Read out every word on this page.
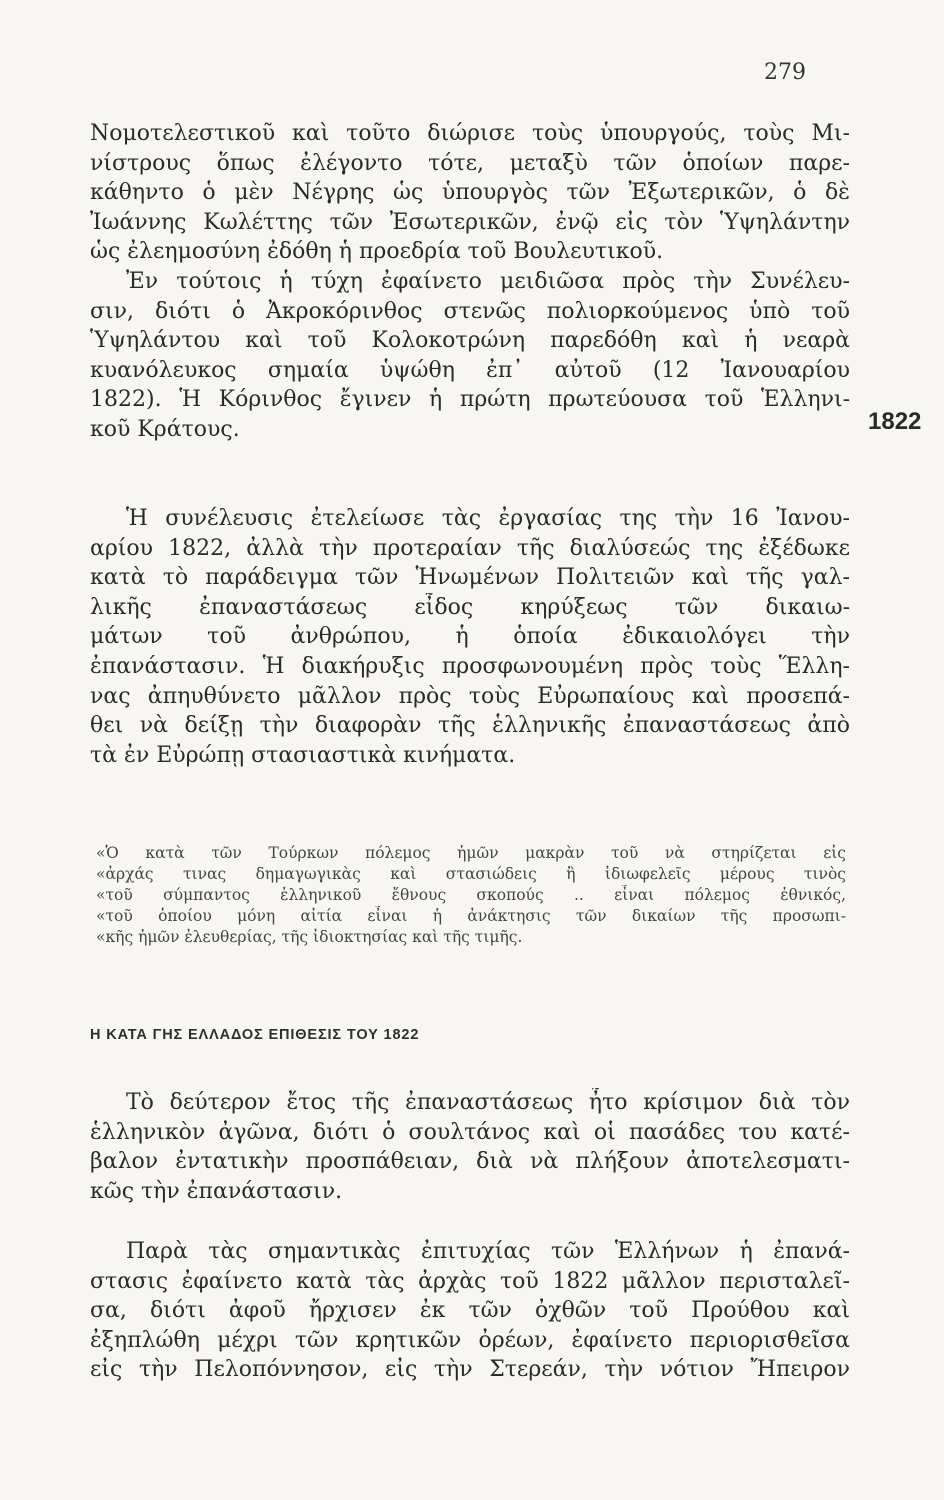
279
1822
Νομοτελεστικοῦ καὶ τοῦτο διώρισε τοὺς ὑπουργούς, τοὺς Μι-
νίστρους ὅπως ἐλέγοντο τότε, μεταξὺ τῶν ὁποίων παρε-
κάθηντο ὁ μὲν Νέγρης ὡς ὑπουργὸς τῶν Ἐξωτερικῶν, ὁ δὲ
Ἰωάννης Κωλέττης τῶν Ἐσωτερικῶν, ἐνῷ εἰς τὸν Ὑψηλάντην
ὡς ἐλεημοσύνη ἐδόθη ἡ προεδρία τοῦ Βουλευτικοῦ.
Ἐν τούτοις ἡ τύχη ἐφαίνετο μειδιῶσα πρὸς τὴν Συνέλευ-
σιν, διότι ὁ Ἀκροκόρινθος στενῶς πολιορκούμενος ὑπὸ τοῦ
Ὑψηλάντου καὶ τοῦ Κολοκοτρώνη παρεδόθη καὶ ἡ νεαρὰ
κυανόλευκος σημαία ὑψώθη ἐπ᾽ αὐτοῦ (12 Ἰανουαρίου
1822). Ἡ Κόρινθος ἔγινεν ἡ πρώτη πρωτεύουσα τοῦ Ἑλληνι-
κοῦ Κράτους.
Ἡ συνέλευσις ἐτελείωσε τὰς ἐργασίας της τὴν 16 Ἰανου-
αρίου 1822, ἀλλὰ τὴν προτεραίαν τῆς διαλύσεώς της ἐξέδωκε
κατὰ τὸ παράδειγμα τῶν Ἡνωμένων Πολιτειῶν καὶ τῆς γαλ-
λικῆς ἐπαναστάσεως εἶδος κηρύξεως τῶν δικαιω-
μάτων τοῦ ἀνθρώπου, ἡ ὁποία ἐδικαιολόγει τὴν
ἐπανάστασιν. Ἡ διακήρυξις προσφωνουμένη πρὸς τοὺς Ἕλλη-
νας ἀπηυθύνετο μᾶλλον πρὸς τοὺς Εὐρωπαίους καὶ προσεπά-
θει νὰ δείξῃ τὴν διαφορὰν τῆς ἑλληνικῆς ἐπαναστάσεως ἀπὸ
τὰ ἐν Εὐρώπῃ στασιαστικὰ κινήματα.
«Ὁ κατὰ τῶν Τούρκων πόλεμος ἡμῶν μακρὰν τοῦ νὰ στηρίζεται εἰς
«ἀρχάς τινας δημαγωγικὰς καὶ στασιώδεις ἢ ἰδιωφελεῖς μέρους τινὸς
«τοῦ σύμπαντος ἑλληνικοῦ ἔθνους σκοπούς .. εἶναι πόλεμος ἐθνικός,
«τοῦ ὁποίου μόνη αἰτία εἶναι ἡ ἀνάκτησις τῶν δικαίων τῆς προσωπι-
«κῆς ἡμῶν ἐλευθερίας, τῆς ἰδιοκτησίας καὶ τῆς τιμῆς.
Η ΚΑΤΑ ΓΗΣ ΕΛΛΑΔΟΣ ΕΠΙΘΕΣΙΣ ΤΟΥ 1822
Τὸ δεύτερον ἔτος τῆς ἐπαναστάσεως ἦτο κρίσιμον διὰ τὸν
ἑλληνικὸν ἀγῶνα, διότι ὁ σουλτάνος καὶ οἱ πασάδες του κατέ-
βαλον ἐντατικὴν προσπάθειαν, διὰ νὰ πλήξουν ἀποτελεσματι-
κῶς τὴν ἐπανάστασιν.
Παρὰ τὰς σημαντικὰς ἐπιτυχίας τῶν Ἑλλήνων ἡ ἐπανά-
στασις ἐφαίνετο κατὰ τὰς ἀρχὰς τοῦ 1822 μᾶλλον περισταλεῖ-
σα, διότι ἀφοῦ ἤρχισεν ἐκ τῶν ὀχθῶν τοῦ Προύθου καὶ
ἐξηπλώθη μέχρι τῶν κρητικῶν ὀρέων, ἐφαίνετο περιορισθεῖσα
εἰς τὴν Πελοπόννησον, εἰς τὴν Στερεάν, τὴν νότιον Ἤπειρον
